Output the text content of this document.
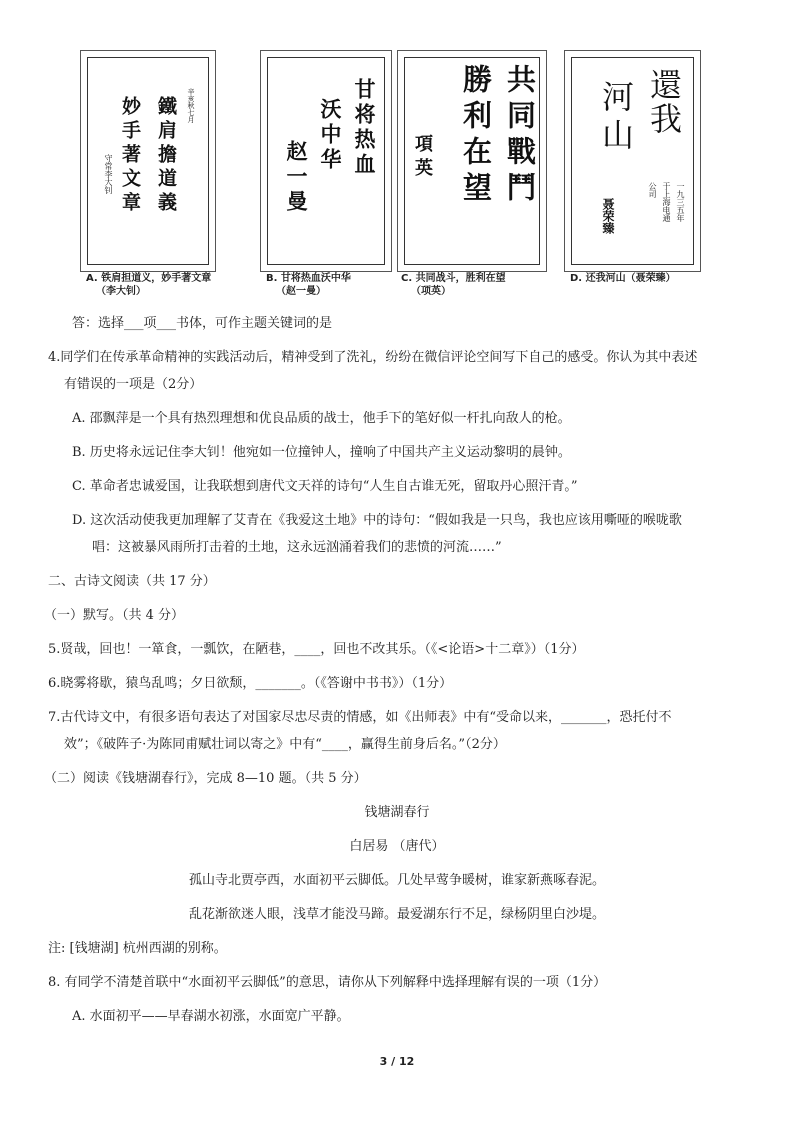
鐵肩擔道義
妙手著文章	辛亥秋七月
守常李大钊	甘将热血
沃中华
赵一曼	共同戰鬥
勝利在望
項英
還我
河山
一九三五年
于上海电通
公司
聂荣臻
A. 铁肩担道义，妙手著文章
（李大钊）
B. 甘将热血沃中华
（赵一曼）
C. 共同战斗，胜利在望
（项英）
D. 还我河山（聂荣臻）
答：选择___项___书体，可作主题关键词的是
4.同学们在传承革命精神的实践活动后，精神受到了洗礼，纷纷在微信评论空间写下自己的感受。你认为其中表述
有错误的一项是（2分）
A. 邵飘萍是一个具有热烈理想和优良品质的战士，他手下的笔好似一杆扎向敌人的枪。
B. 历史将永远记住李大钊！他宛如一位撞钟人，撞响了中国共产主义运动黎明的晨钟。
C. 革命者忠诚爱国，让我联想到唐代文天祥的诗句“人生自古谁无死，留取丹心照汗青。”
D. 这次活动使我更加理解了艾青在《我爱这土地》中的诗句：“假如我是一只鸟，我也应该用嘶哑的喉咙歌
唱：这被暴风雨所打击着的土地，这永远汹涌着我们的悲愤的河流……”
二、古诗文阅读（共 17 分）
（一）默写。（共 4 分）
5.贤哉，回也！一箪食，一瓢饮，在陋巷，____，回也不改其乐。（《<论语>十二章》）（1分）
6.晓雾将歇，猿鸟乱鸣；夕日欲颓，_______。（《答谢中书书》）（1分）
7.古代诗文中，有很多语句表达了对国家尽忠尽责的情感，如《出师表》中有“受命以来，_______，恐托付不
效”；《破阵子·为陈同甫赋壮词以寄之》中有“____，赢得生前身后名。”（2分）
（二）阅读《钱塘湖春行》，完成 8—10 题。（共 5 分）
钱塘湖春行
白居易 （唐代）
孤山寺北贾亭西，水面初平云脚低。几处早莺争暖树，谁家新燕啄春泥。
乱花渐欲迷人眼，浅草才能没马蹄。最爱湖东行不足，绿杨阴里白沙堤。
注: [钱塘湖] 杭州西湖的别称。
8. 有同学不清楚首联中“水面初平云脚低”的意思，请你从下列解释中选择理解有误的一项（1分）
A. 水面初平——早春湖水初涨，水面宽广平静。
3 / 12
